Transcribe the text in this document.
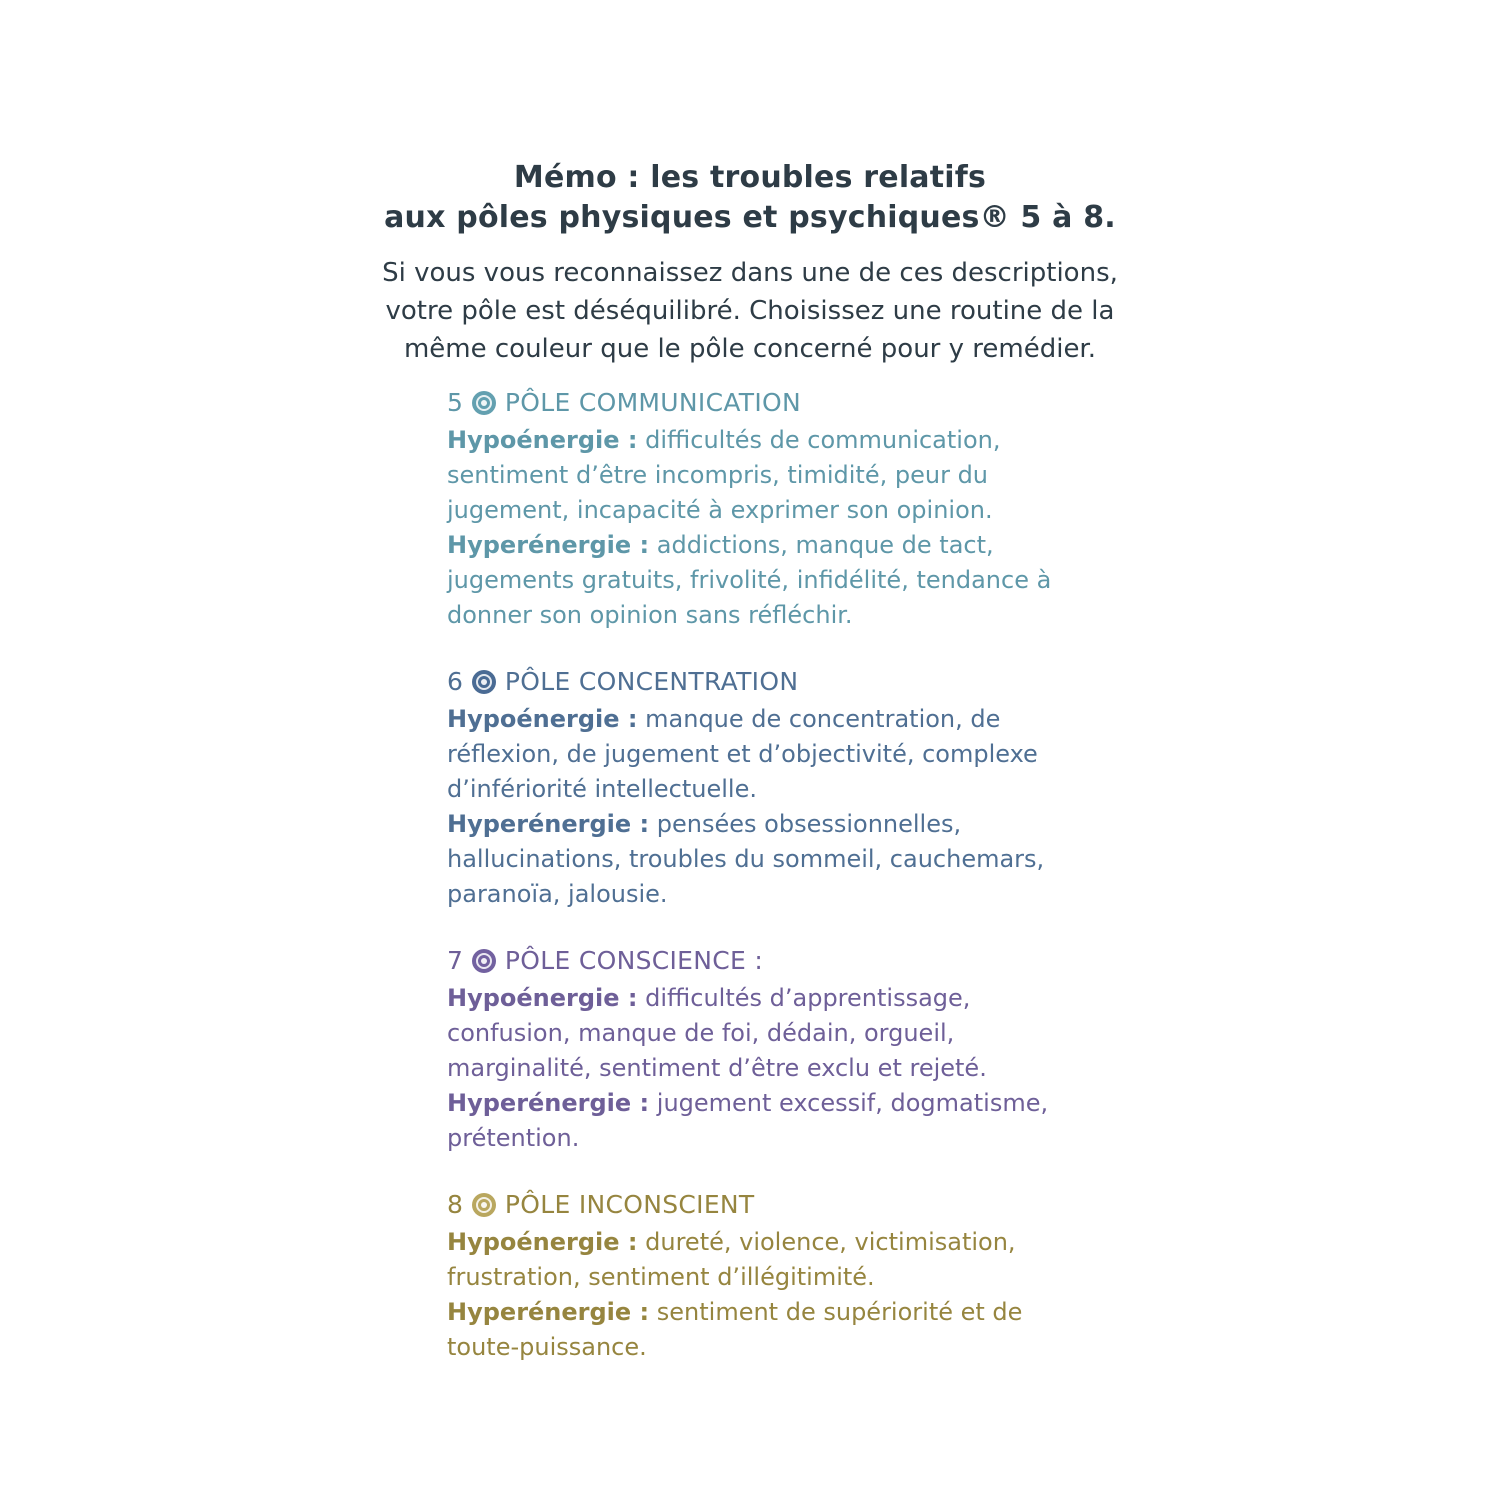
Mémo : les troubles relatifs
aux pôles physiques et psychiques® 5 à 8.
Si vous vous reconnaissez dans une de ces descriptions,
votre pôle est déséquilibré. Choisissez une routine de la
même couleur que le pôle concerné pour y remédier.
5 PÔLE COMMUNICATION

Hypoénergie : difficultés de communication, sentiment d’être incompris, timidité, peur du jugement, incapacité à exprimer son opinion.

Hyperénergie : addictions, manque de tact, jugements gratuits, frivolité, infidélité, tendance à donner son opinion sans réfléchir.

6 PÔLE CONCENTRATION

Hypoénergie : manque de concentration, de réflexion, de jugement et d’objectivité, complexe d’infériorité intellectuelle.

Hyperénergie : pensées obsessionnelles, hallucinations, troubles du sommeil, cauchemars, paranoïa, jalousie.

7 PÔLE CONSCIENCE :

Hypoénergie : difficultés d’apprentissage, confusion, manque de foi, dédain, orgueil, marginalité, sentiment d’être exclu et rejeté.

Hyperénergie : jugement excessif, dogmatisme, prétention.

8 PÔLE INCONSCIENT

Hypoénergie : dureté, violence, victimisation, frustration, sentiment d’illégitimité.

Hyperénergie : sentiment de supériorité et de toute-puissance.
